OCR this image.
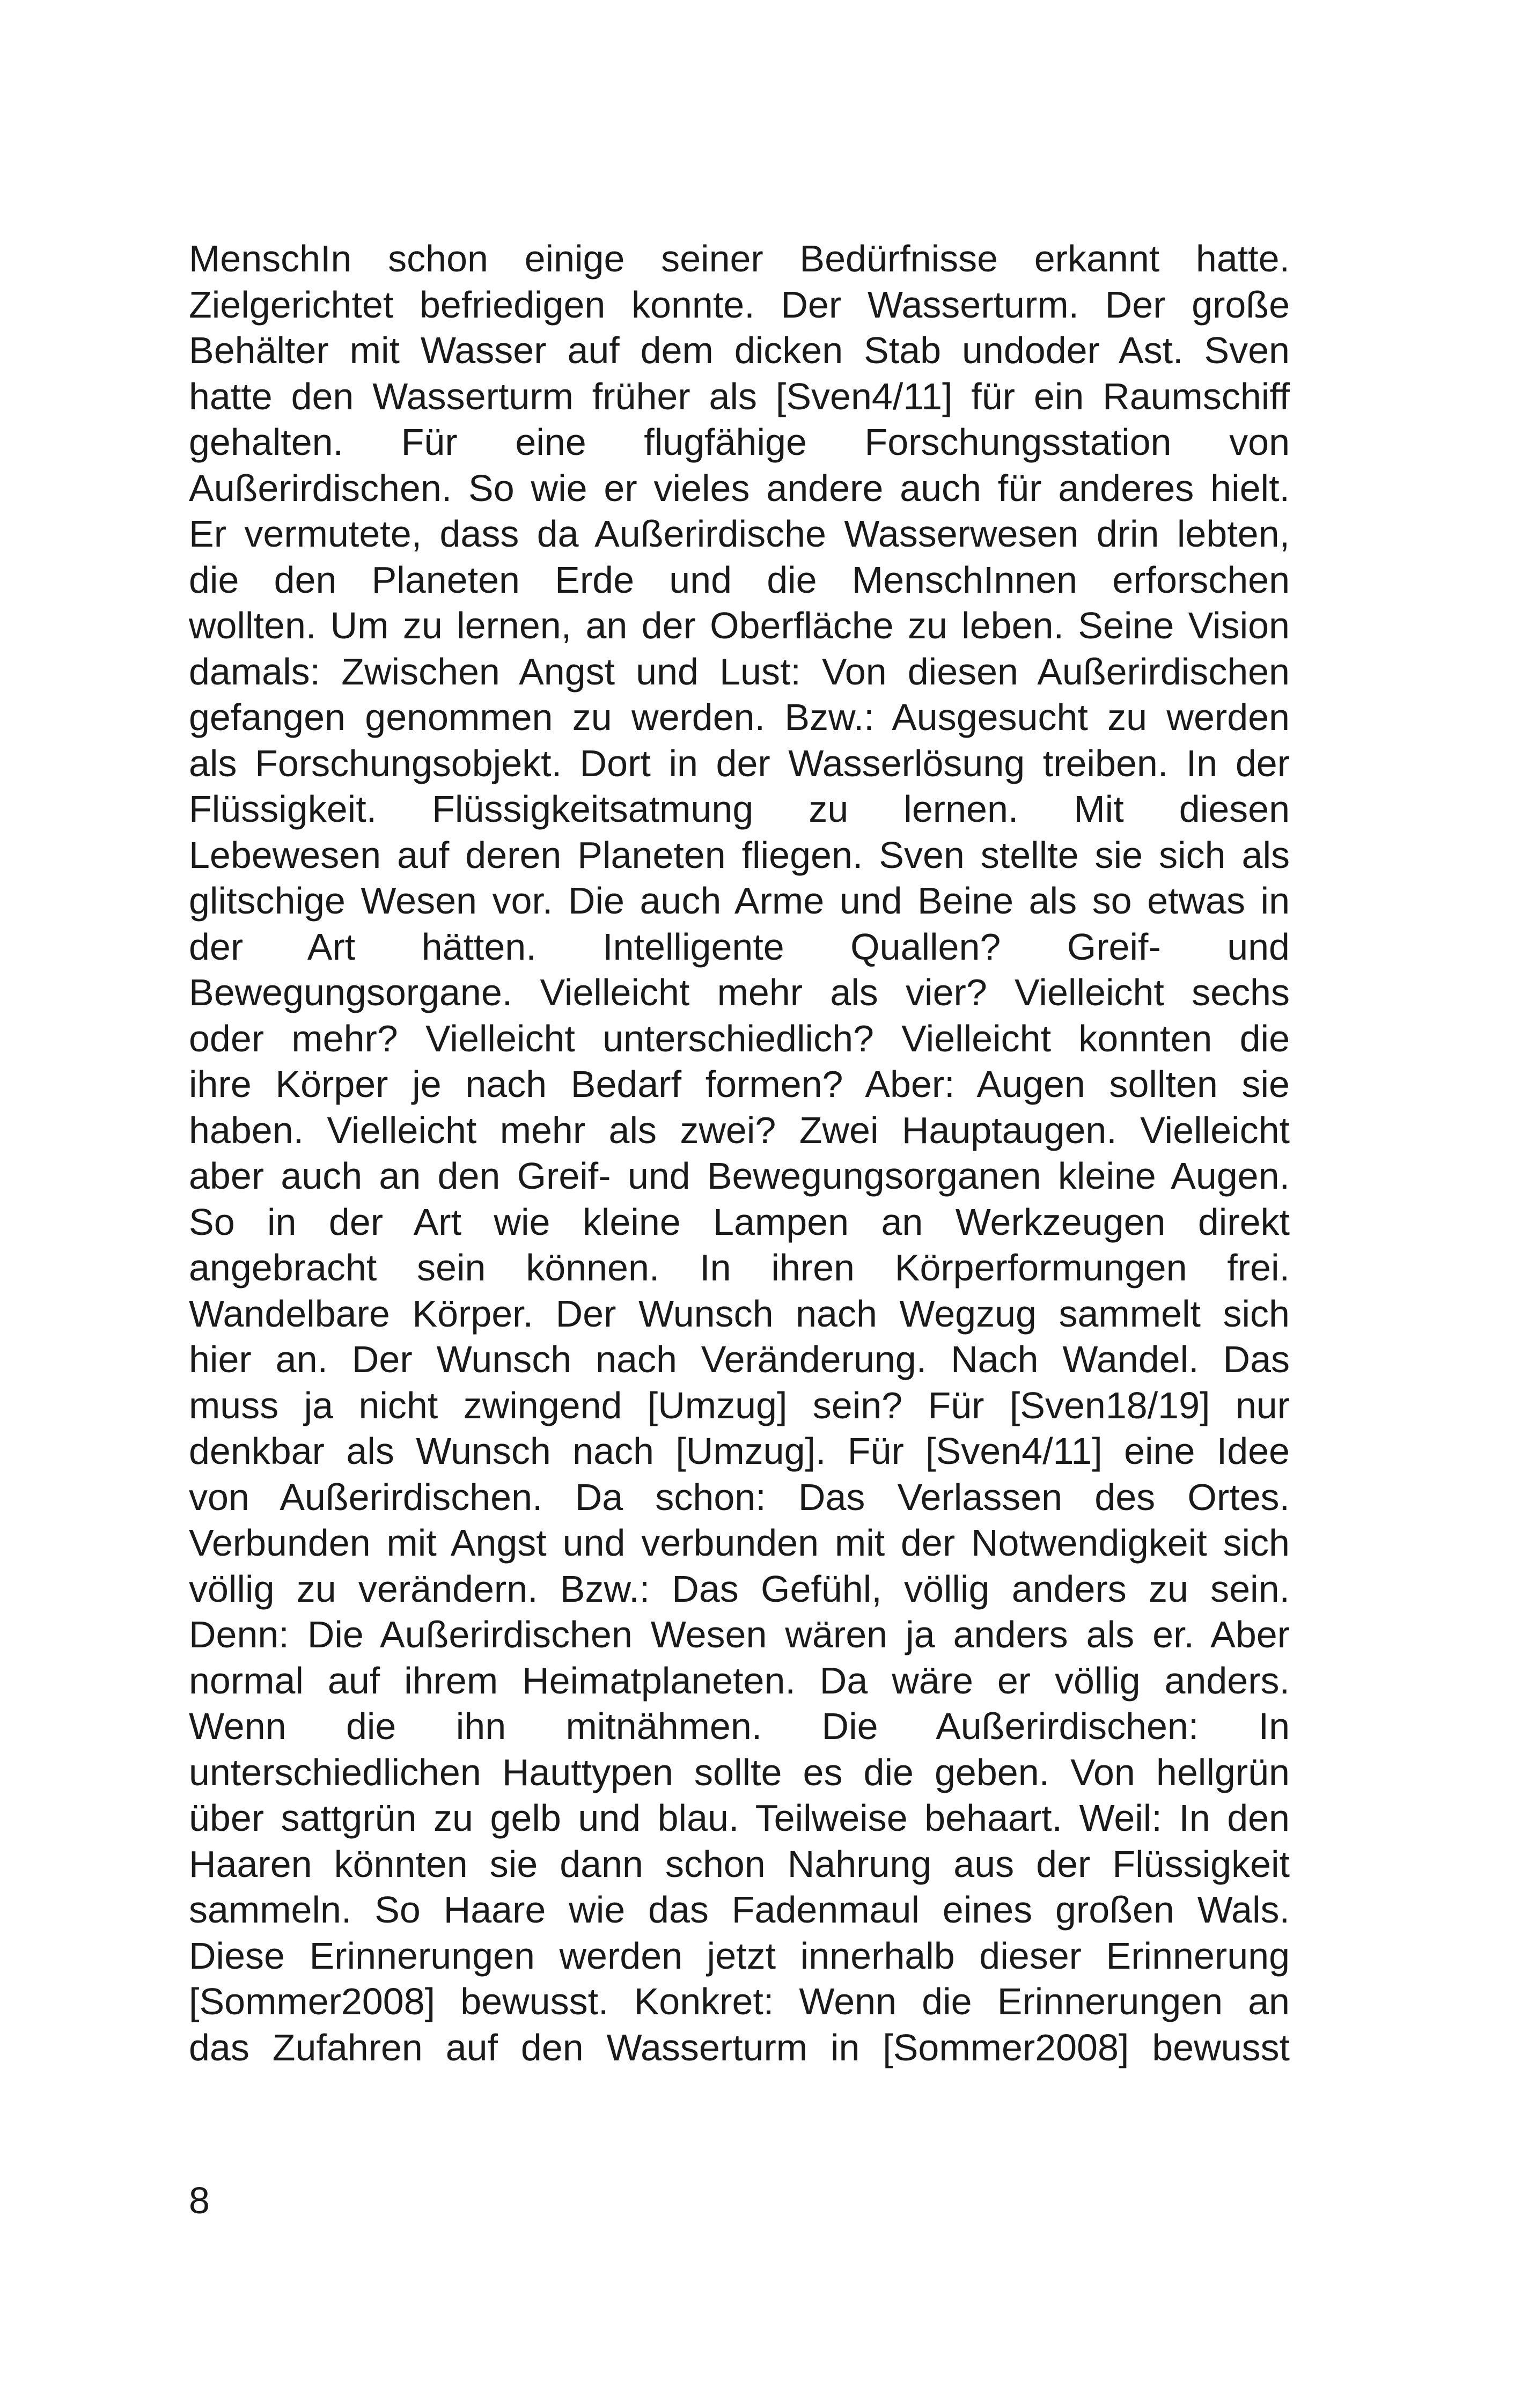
MenschIn schon einige seiner Bedürfnisse erkannt hatte.
Zielgerichtet befriedigen konnte. Der Wasserturm. Der große
Behälter mit Wasser auf dem dicken Stab undoder Ast. Sven
hatte den Wasserturm früher als [Sven4/11] für ein Raumschiff
gehalten. Für eine flugfähige Forschungsstation von
Außerirdischen. So wie er vieles andere auch für anderes hielt.
Er vermutete, dass da Außerirdische Wasserwesen drin lebten,
die den Planeten Erde und die MenschInnen erforschen
wollten. Um zu lernen, an der Oberfläche zu leben. Seine Vision
damals: Zwischen Angst und Lust: Von diesen Außerirdischen
gefangen genommen zu werden. Bzw.: Ausgesucht zu werden
als Forschungsobjekt. Dort in der Wasserlösung treiben. In der
Flüssigkeit. Flüssigkeitsatmung zu lernen. Mit diesen
Lebewesen auf deren Planeten fliegen. Sven stellte sie sich als
glitschige Wesen vor. Die auch Arme und Beine als so etwas in
der Art hätten. Intelligente Quallen? Greif- und
Bewegungsorgane. Vielleicht mehr als vier? Vielleicht sechs
oder mehr? Vielleicht unterschiedlich? Vielleicht konnten die
ihre Körper je nach Bedarf formen? Aber: Augen sollten sie
haben. Vielleicht mehr als zwei? Zwei Hauptaugen. Vielleicht
aber auch an den Greif- und Bewegungsorganen kleine Augen.
So in der Art wie kleine Lampen an Werkzeugen direkt
angebracht sein können. In ihren Körperformungen frei.
Wandelbare Körper. Der Wunsch nach Wegzug sammelt sich
hier an. Der Wunsch nach Veränderung. Nach Wandel. Das
muss ja nicht zwingend [Umzug] sein? Für [Sven18/19] nur
denkbar als Wunsch nach [Umzug]. Für [Sven4/11] eine Idee
von Außerirdischen. Da schon: Das Verlassen des Ortes.
Verbunden mit Angst und verbunden mit der Notwendigkeit sich
völlig zu verändern. Bzw.: Das Gefühl, völlig anders zu sein.
Denn: Die Außerirdischen Wesen wären ja anders als er. Aber
normal auf ihrem Heimatplaneten. Da wäre er völlig anders.
Wenn die ihn mitnähmen. Die Außerirdischen: In
unterschiedlichen Hauttypen sollte es die geben. Von hellgrün
über sattgrün zu gelb und blau. Teilweise behaart. Weil: In den
Haaren könnten sie dann schon Nahrung aus der Flüssigkeit
sammeln. So Haare wie das Fadenmaul eines großen Wals.
Diese Erinnerungen werden jetzt innerhalb dieser Erinnerung
[Sommer2008] bewusst. Konkret: Wenn die Erinnerungen an
das Zufahren auf den Wasserturm in [Sommer2008] bewusst
8
